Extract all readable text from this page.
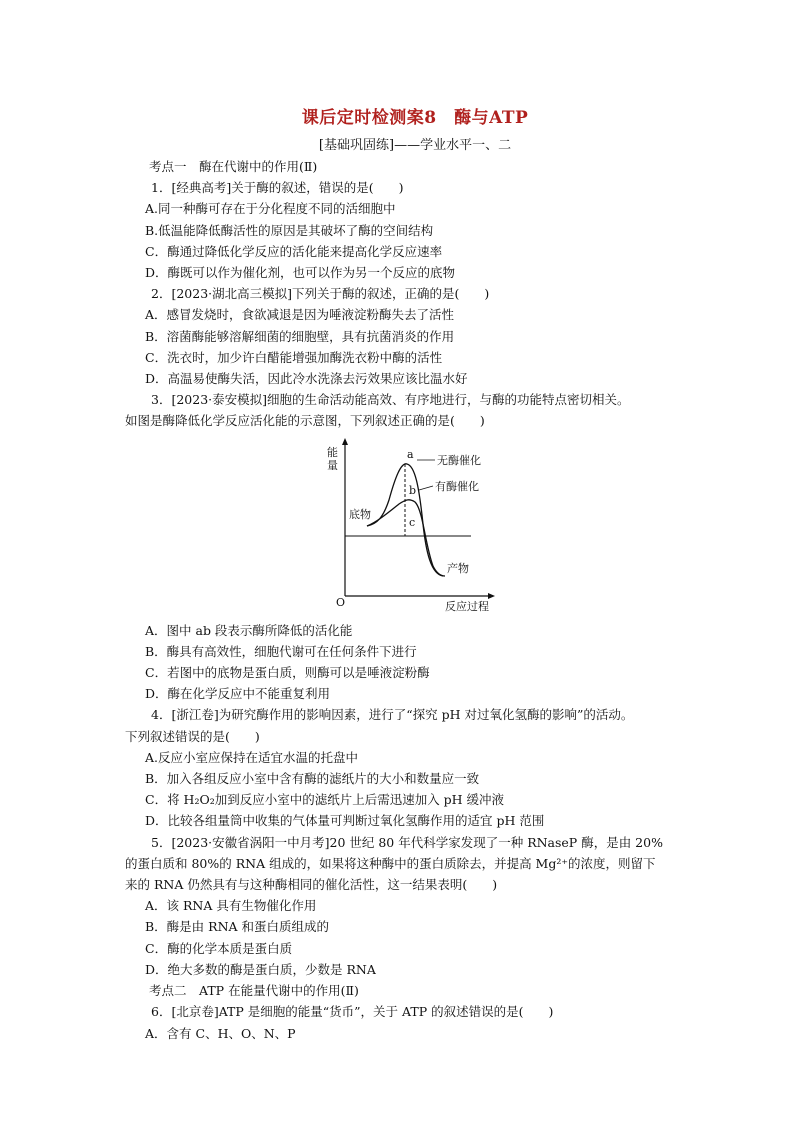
课后定时检测案8　酶与ATP
[基础巩固练]——学业水平一、二
考点一　酶在代谢中的作用(Ⅱ)
1．[经典高考]关于酶的叙述，错误的是(　　)
A.同一种酶可存在于分化程度不同的活细胞中
B.低温能降低酶活性的原因是其破坏了酶的空间结构
C．酶通过降低化学反应的活化能来提高化学反应速率
D．酶既可以作为催化剂，也可以作为另一个反应的底物
2．[2023·湖北高三模拟]下列关于酶的叙述，正确的是(　　)
A．感冒发烧时，食欲减退是因为唾液淀粉酶失去了活性
B．溶菌酶能够溶解细菌的细胞壁，具有抗菌消炎的作用
C．洗衣时，加少许白醋能增强加酶洗衣粉中酶的活性
D．高温易使酶失活，因此冷水洗涤去污效果应该比温水好
3．[2023·泰安模拟]细胞的生命活动能高效、有序地进行，与酶的功能特点密切相关。
如图是酶降低化学反应活化能的示意图，下列叙述正确的是(　　)
能
量
O	反应过程
a
b
c
无酶催化
有酶催化
底物
产物
A．图中 ab 段表示酶所降低的活化能
B．酶具有高效性，细胞代谢可在任何条件下进行
C．若图中的底物是蛋白质，则酶可以是唾液淀粉酶
D．酶在化学反应中不能重复利用
4．[浙江卷]为研究酶作用的影响因素，进行了“探究 pH 对过氧化氢酶的影响”的活动。
下列叙述错误的是(　　)
A.反应小室应保持在适宜水温的托盘中
B．加入各组反应小室中含有酶的滤纸片的大小和数量应一致
C．将 H₂O₂加到反应小室中的滤纸片上后需迅速加入 pH 缓冲液
D．比较各组量筒中收集的气体量可判断过氧化氢酶作用的适宜 pH 范围
5．[2023·安徽省涡阳一中月考]20 世纪 80 年代科学家发现了一种 RNaseP 酶，是由 20%
的蛋白质和 80%的 RNA 组成的，如果将这种酶中的蛋白质除去，并提高 Mg²⁺的浓度，则留下
来的 RNA 仍然具有与这种酶相同的催化活性，这一结果表明(　　)
A．该 RNA 具有生物催化作用
B．酶是由 RNA 和蛋白质组成的
C．酶的化学本质是蛋白质
D．绝大多数的酶是蛋白质，少数是 RNA
考点二　ATP 在能量代谢中的作用(Ⅱ)
6．[北京卷]ATP 是细胞的能量“货币”，关于 ATP 的叙述错误的是(　　)
A．含有 C、H、O、N、P
